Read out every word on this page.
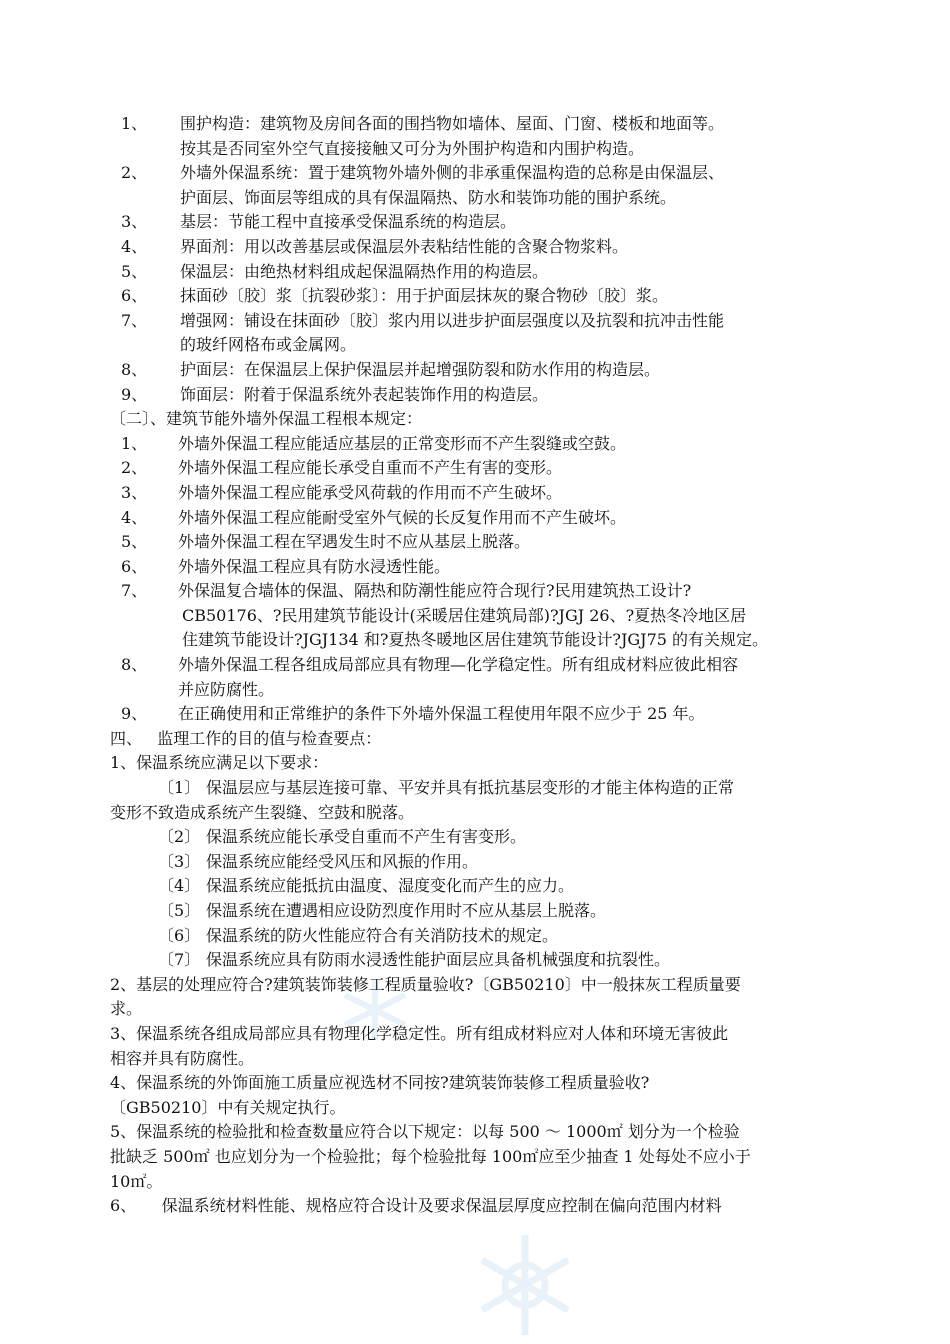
1、 围护构造：建筑物及房间各面的围挡物如墙体、屋面、门窗、楼板和地面等。
按其是否同室外空气直接接触又可分为外围护构造和内围护构造。
2、 外墙外保温系统：置于建筑物外墙外侧的非承重保温构造的总称是由保温层、
护面层、饰面层等组成的具有保温隔热、防水和装饰功能的围护系统。
3、 基层：节能工程中直接承受保温系统的构造层。
4、 界面剂：用以改善基层或保温层外表粘结性能的含聚合物浆料。
5、 保温层：由绝热材料组成起保温隔热作用的构造层。
6、 抹面砂〔胶〕浆〔抗裂砂浆〕：用于护面层抹灰的聚合物砂〔胶〕浆。
7、 增强网：铺设在抹面砂〔胶〕浆内用以进步护面层强度以及抗裂和抗冲击性能
的玻纤网格布或金属网。
8、 护面层：在保温层上保护保温层并起增强防裂和防水作用的构造层。
9、 饰面层：附着于保温系统外表起装饰作用的构造层。
〔二〕、建筑节能外墙外保温工程根本规定：
1、 外墙外保温工程应能适应基层的正常变形而不产生裂缝或空鼓。
2、 外墙外保温工程应能长承受自重而不产生有害的变形。
3、 外墙外保温工程应能承受风荷载的作用而不产生破坏。
4、 外墙外保温工程应能耐受室外气候的长反复作用而不产生破坏。
5、 外墙外保温工程在罕遇发生时不应从基层上脱落。
6、 外墙外保温工程应具有防水浸透性能。
7、 外保温复合墙体的保温、隔热和防潮性能应符合现行?民用建筑热工设计?
CB50176、?民用建筑节能设计(采暖居住建筑局部)?JGJ 26、?夏热冬冷地区居
住建筑节能设计?JGJ134 和?夏热冬暖地区居住建筑节能设计?JGJ75 的有关规定。
8、 外墙外保温工程各组成局部应具有物理—化学稳定性。所有组成材料应彼此相容
并应防腐性。
9、 在正确使用和正常维护的条件下外墙外保温工程使用年限不应少于 25 年。
四、   监理工作的目的值与检查要点：
1、保温系统应满足以下要求：
〔1〕 保温层应与基层连接可靠、平安并具有抵抗基层变形的才能主体构造的正常
变形不致造成系统产生裂缝、空鼓和脱落。
〔2〕 保温系统应能长承受自重而不产生有害变形。
〔3〕 保温系统应能经受风压和风振的作用。
〔4〕 保温系统应能抵抗由温度、湿度变化而产生的应力。
〔5〕 保温系统在遭遇相应设防烈度作用时不应从基层上脱落。
〔6〕 保温系统的防火性能应符合有关消防技术的规定。
〔7〕 保温系统应具有防雨水浸透性能护面层应具备机械强度和抗裂性。
2、基层的处理应符合?建筑装饰装修工程质量验收?〔GB50210〕中一般抹灰工程质量要
求。
3、保温系统各组成局部应具有物理化学稳定性。所有组成材料应对人体和环境无害彼此
相容并具有防腐性。
4、保温系统的外饰面施工质量应视选材不同按?建筑装饰装修工程质量验收?
〔GB50210〕中有关规定执行。
5、保温系统的检验批和检查数量应符合以下规定：以每 500 ～ 1000㎡ 划分为一个检验
批缺乏 500㎡ 也应划分为一个检验批；每个检验批每 100㎡应至少抽查 1 处每处不应小于
10㎡。
6、     保温系统材料性能、规格应符合设计及要求保温层厚度应控制在偏向范围内材料
